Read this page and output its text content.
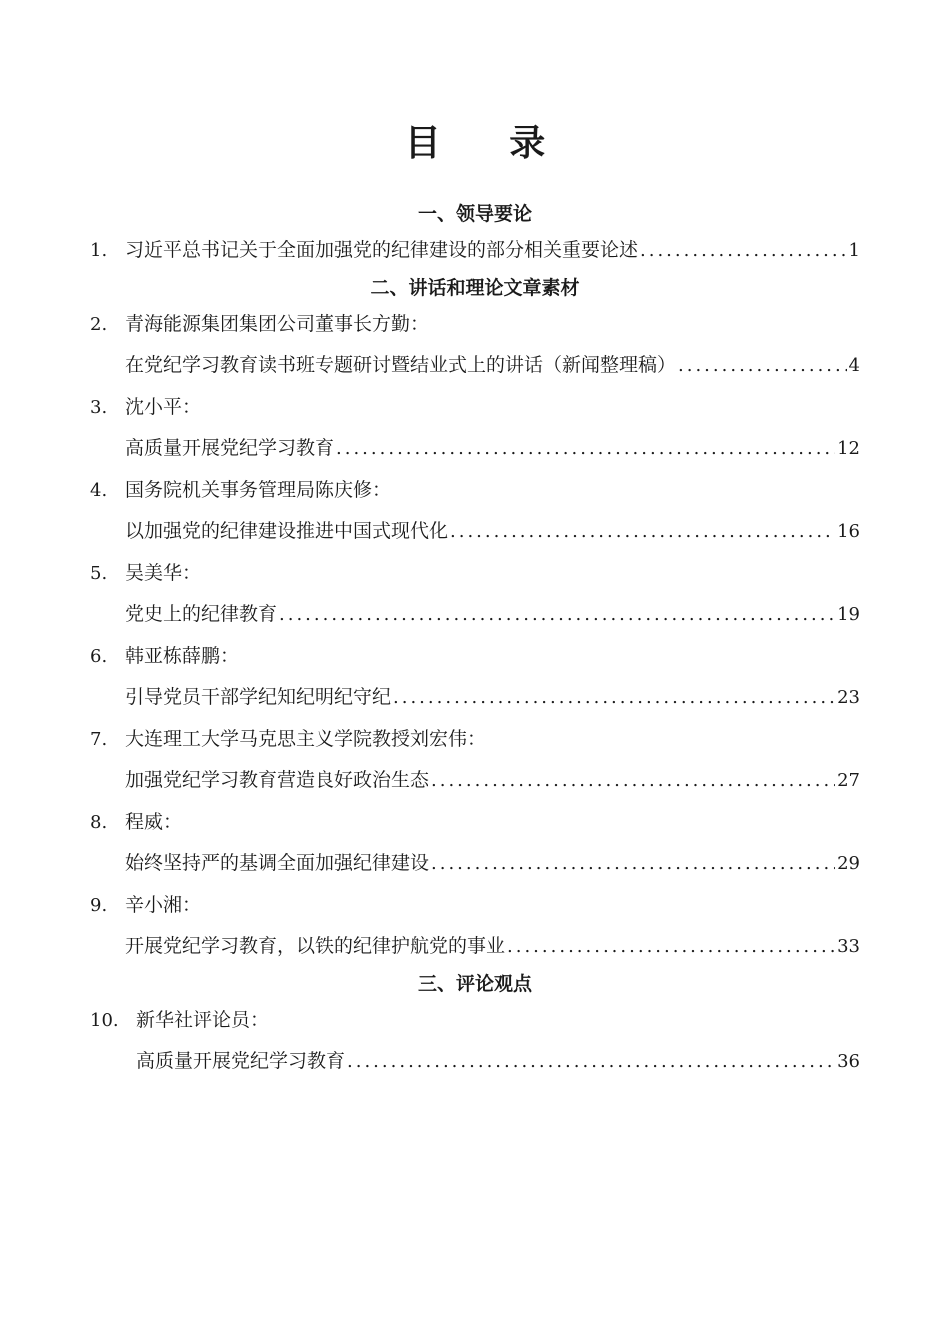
目 录
一、领导要论
1. 习近平总书记关于全面加强党的纪律建设的部分相关重要论述 .....	1
二、讲话和理论文章素材
2. 青海能源集团集团公司董事长方勤：
在党纪学习教育读书班专题研讨暨结业式上的讲话（新闻整理稿） .....	4
3. 沈小平：
高质量开展党纪学习教育 .....	12
4. 国务院机关事务管理局陈庆修：
以加强党的纪律建设推进中国式现代化 .....	16
5. 吴美华：
党史上的纪律教育 .....	19
6. 韩亚栋薛鹏：
引导党员干部学纪知纪明纪守纪 .....	23
7. 大连理工大学马克思主义学院教授刘宏伟：
加强党纪学习教育营造良好政治生态 .....	27
8. 程威：
始终坚持严的基调全面加强纪律建设 .....	29
9. 辛小湘：
开展党纪学习教育，以铁的纪律护航党的事业 .....	33
三、评论观点
10. 新华社评论员：
高质量开展党纪学习教育 .....	36
